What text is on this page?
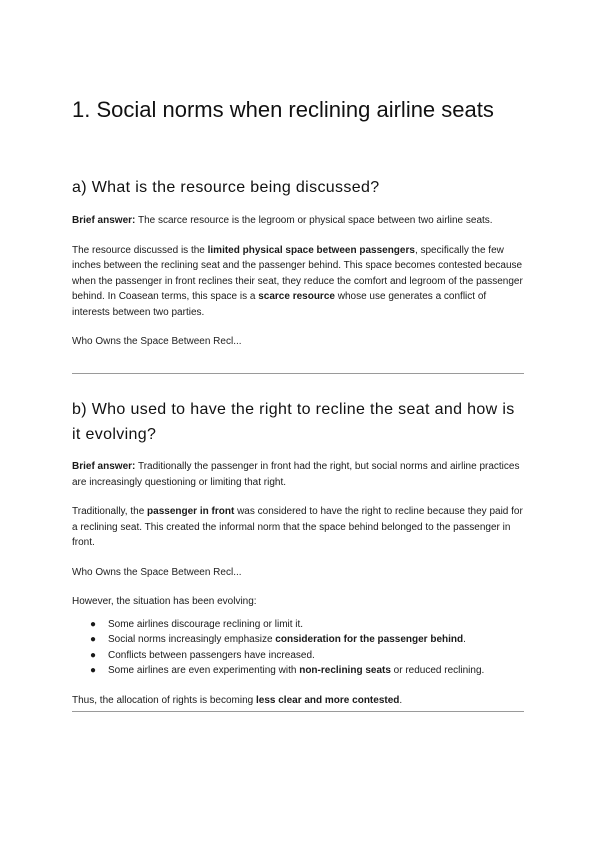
1. Social norms when reclining airline seats
a) What is the resource being discussed?

Brief answer: The scarce resource is the legroom or physical space between two airline seats.

The resource discussed is the limited physical space between passengers, specifically the few inches between the reclining seat and the passenger behind. This space becomes contested because when the passenger in front reclines their seat, they reduce the comfort and legroom of the passenger behind. In Coasean terms, this space is a scarce resource whose use generates a conflict of interests between two parties.

Who Owns the Space Between Recl...

b) Who used to have the right to recline the seat and how is it evolving?

Brief answer: Traditionally the passenger in front had the right, but social norms and airline practices are increasingly questioning or limiting that right.

Traditionally, the passenger in front was considered to have the right to recline because they paid for a reclining seat. This created the informal norm that the space behind belonged to the passenger in front.

Who Owns the Space Between Recl...

However, the situation has been evolving:

● Some airlines discourage reclining or limit it.
● Social norms increasingly emphasize consideration for the passenger behind.
● Conflicts between passengers have increased.
● Some airlines are even experimenting with non-reclining seats or reduced reclining.

Thus, the allocation of rights is becoming less clear and more contested.
